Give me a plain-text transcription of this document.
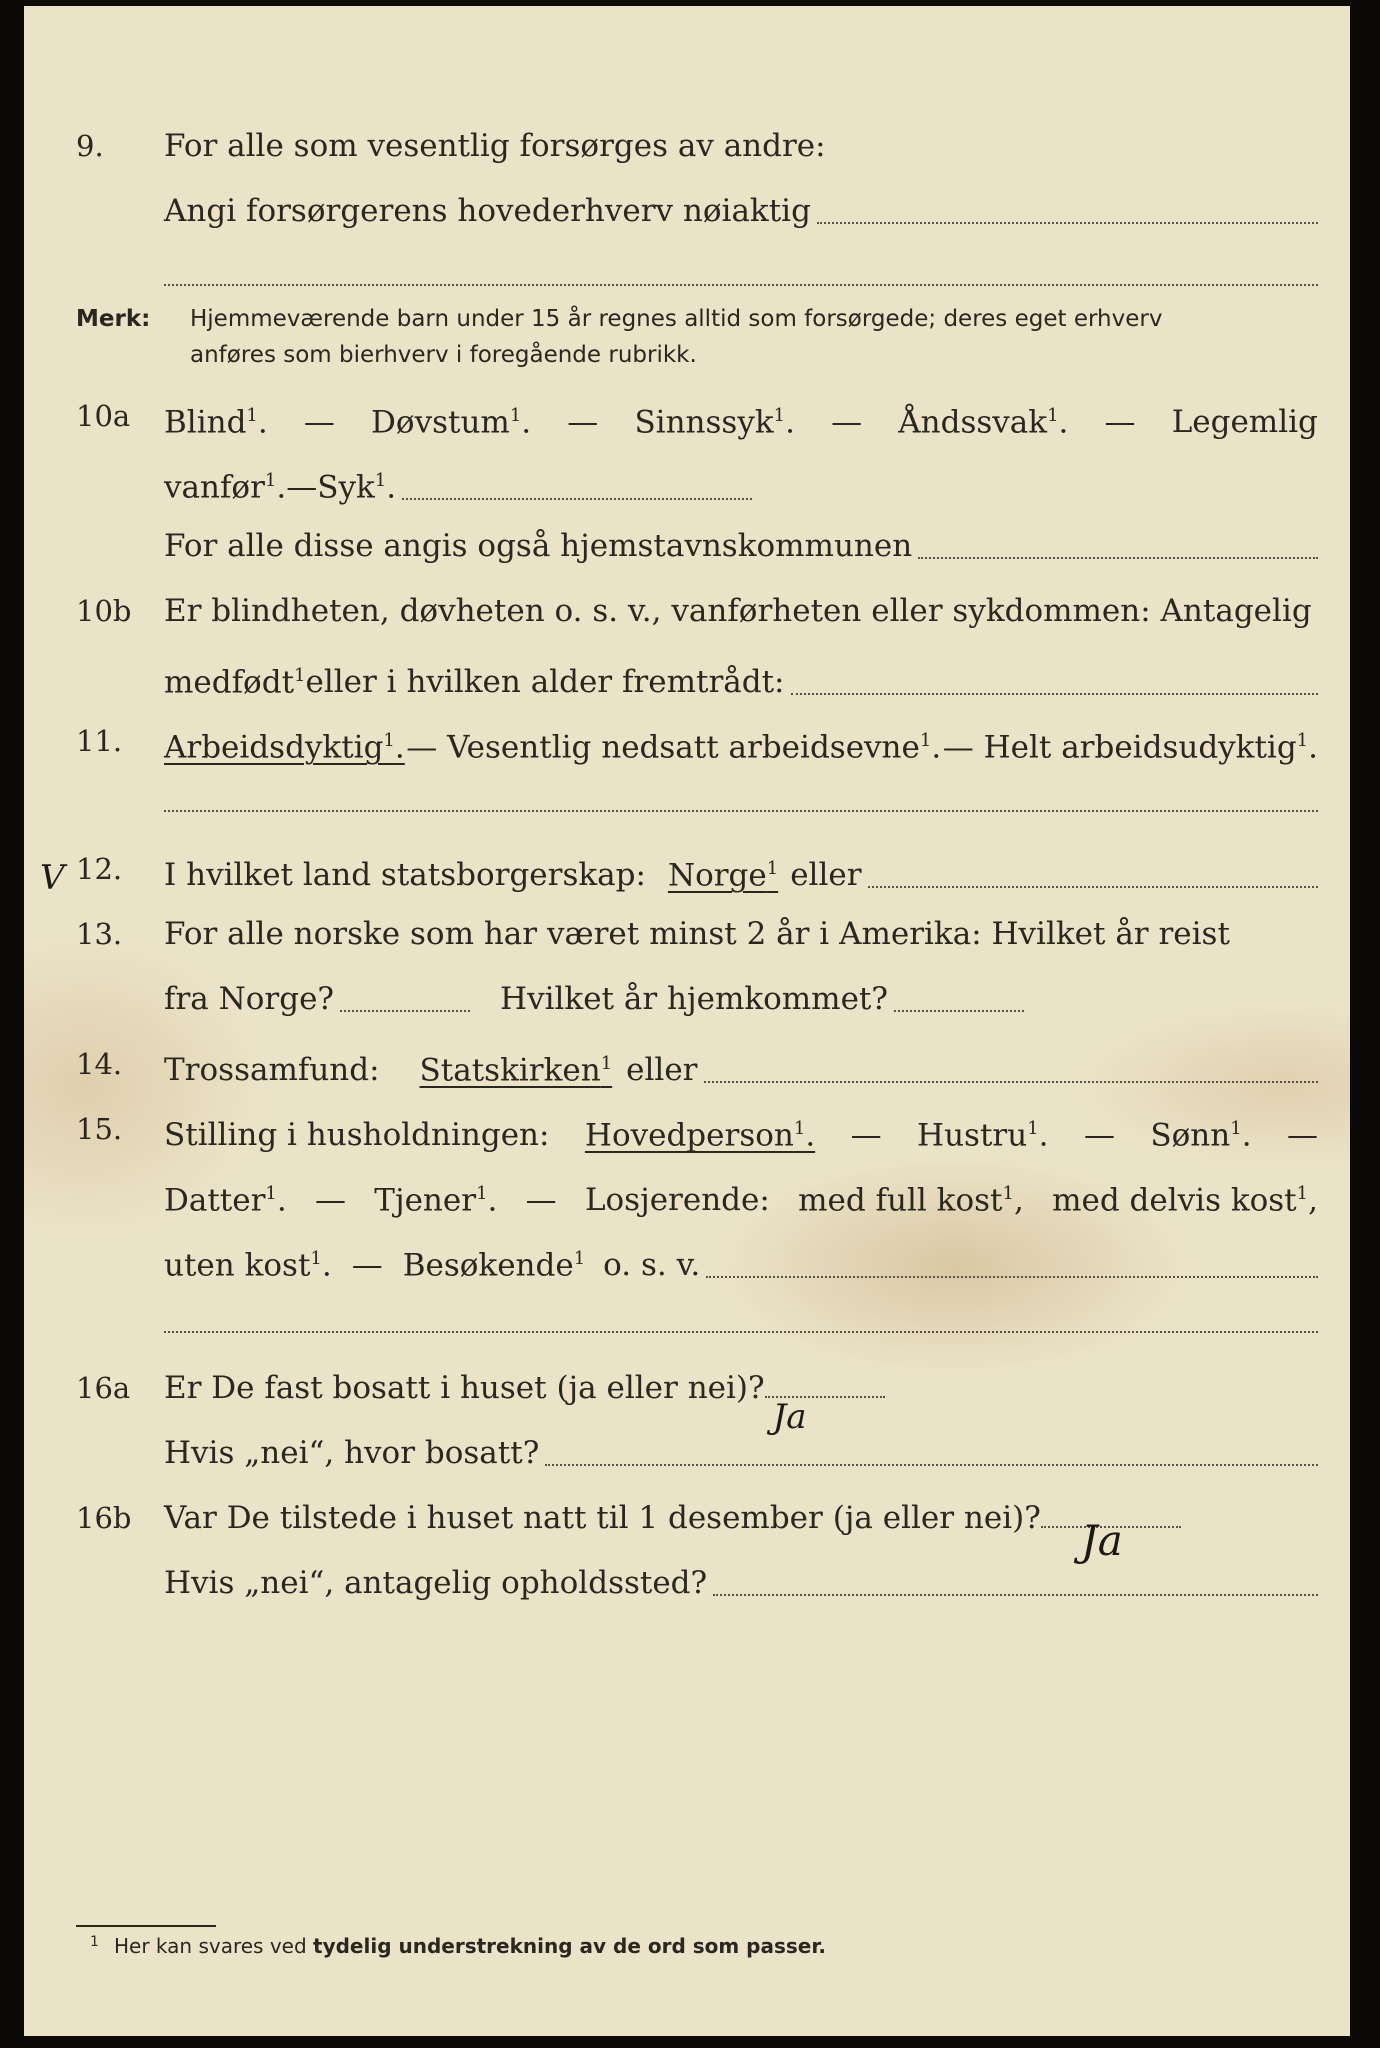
9.	For alle som vesentlig forsørges av andre:
Angi forsørgerens hovederhverv nøiaktig
Merk: Hjemmeværende barn under 15 år regnes alltid som forsørgede; deres eget erhverv
anføres som bierhverv i foregående rubrikk.
10a	Blind$^1$. — Døvstum$^1$. — Sinnssyk$^1$. — Åndssvak$^1$. — Legemlig
vanfør$^1$. — Syk$^1$.
For alle disse angis også hjemstavnskommunen
10b	Er blindheten, døvheten o. s. v., vanførheten eller sykdommen: Antagelig
medfødt$^1$ eller i hvilken alder fremtrådt:
11.	Arbeidsdyktig$^1$. — Vesentlig nedsatt arbeidsevne$^1$. — Helt arbeidsudyktig$^1$.
V 12.	I hvilket land statsborgerskap: Norge$^1$ eller
13.	For alle norske som har været minst 2 år i Amerika: Hvilket år reist
fra Norge?	Hvilket år hjemkommet?
14.	Trossamfund: Statskirken$^1$ eller
15.	Stilling i husholdningen: Hovedperson$^1$. — Hustru$^1$. — Sønn$^1$. —
Datter$^1$. — Tjener$^1$. — Losjerende: med full kost$^1$, med delvis kost$^1$,
uten kost$^1$. — Besøkende$^1$ o. s. v.
16a	Er De fast bosatt i huset (ja eller nei)?
Ja
Hvis „nei“, hvor bosatt?
16b	Var De tilstede i huset natt til 1 desember (ja eller nei)? Ja
Hvis „nei“, antagelig opholdssted?
1 Her kan svares ved tydelig understrekning av de ord som passer.
